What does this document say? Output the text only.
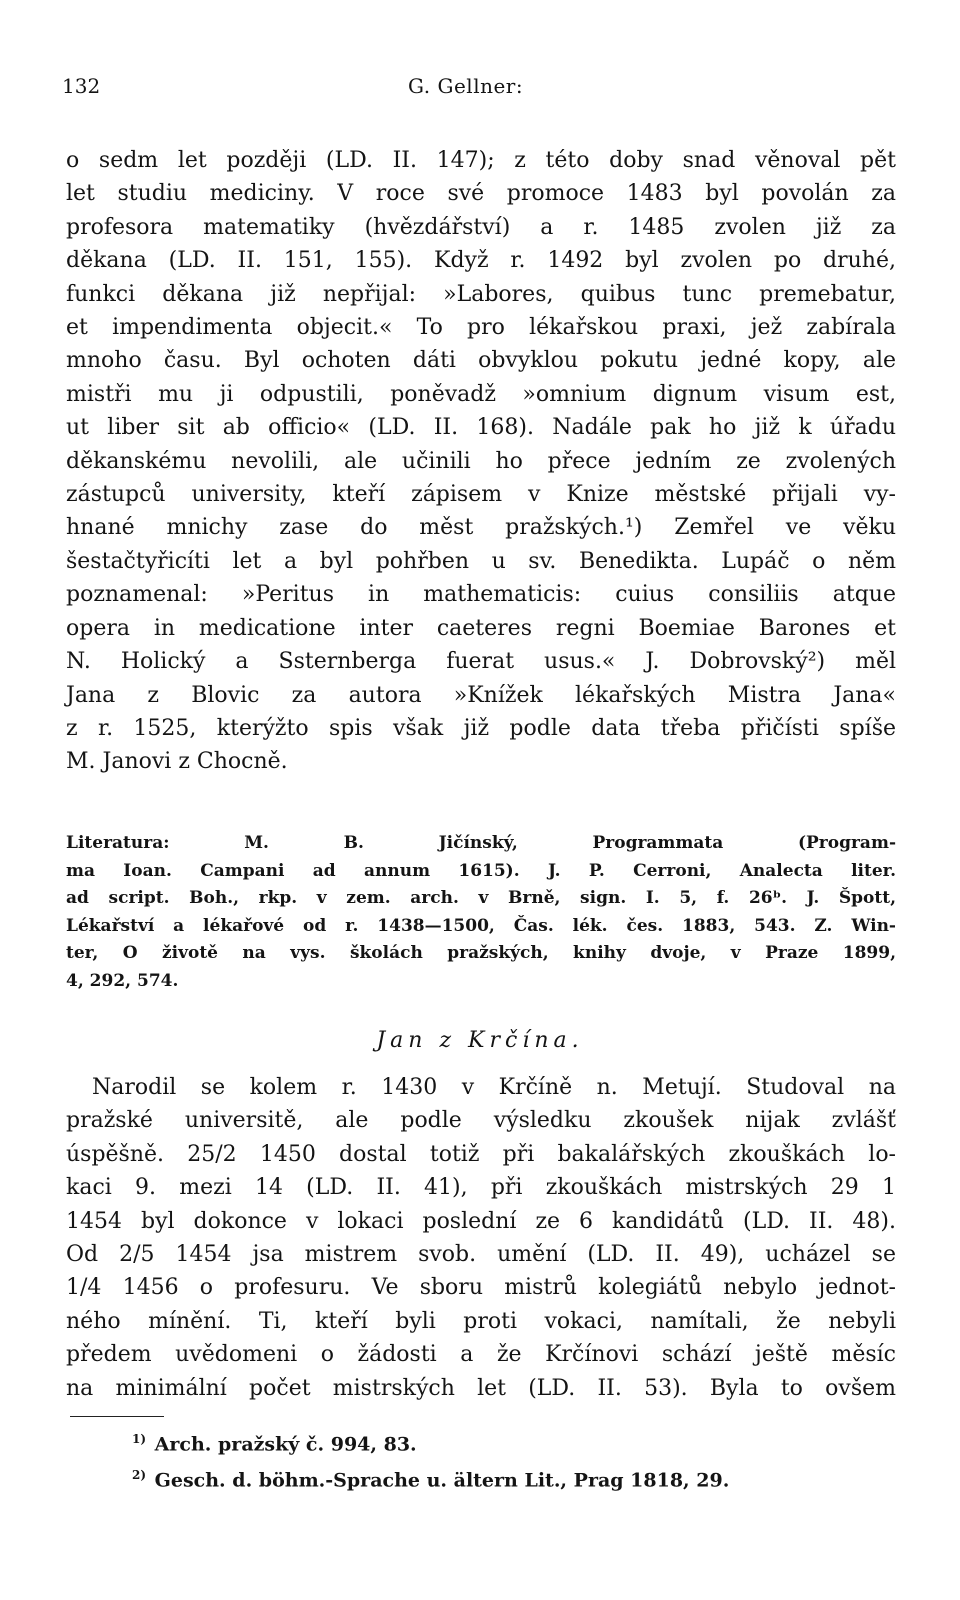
132	G. Gellner:
o sedm let později (LD. II. 147); z této doby snad věnoval pět
let studiu mediciny. V roce své promoce 1483 byl povolán za
profesora matematiky (hvězdářství) a r. 1485 zvolen již za
děkana (LD. II. 151, 155). Když r. 1492 byl zvolen po druhé,
funkci děkana již nepřijal: »Labores, quibus tunc premebatur,
et impendimenta objecit.« To pro lékařskou praxi, jež zabírala
mnoho času. Byl ochoten dáti obvyklou pokutu jedné kopy, ale
mistři mu ji odpustili, poněvadž »omnium dignum visum est,
ut liber sit ab officio« (LD. II. 168). Nadále pak ho již k úřadu
děkanskému nevolili, ale učinili ho přece jedním ze zvolených
zástupců university, kteří zápisem v Knize městské přijali vy-
hnané mnichy zase do měst pražských.¹) Zemřel ve věku
šestačtyřicíti let a byl pohřben u sv. Benedikta. Lupáč o něm
poznamenal: »Peritus in mathematicis: cuius consiliis atque
opera in medicatione inter caeteres regni Boemiae Barones et
N. Holický a Ssternberga fuerat usus.« J. Dobrovský²) měl
Jana z Blovic za autora »Knížek lékařských Mistra Jana«
z r. 1525, kterýžto spis však již podle data třeba přičísti spíše
M. Janovi z Chocně.
Literatura: M. B. Jičínský, Programmata (Program-
ma Ioan. Campani ad annum 1615). J. P. Cerroni, Analecta liter.
ad script. Boh., rkp. v zem. arch. v Brně, sign. I. 5, f. 26ᵇ. J. Špott,
Lékařství a lékařové od r. 1438—1500, Čas. lék. čes. 1883, 543. Z. Win-
ter, O životě na vys. školách pražských, knihy dvoje, v Praze 1899,
4, 292, 574.
Jan z Krčína.
Narodil se kolem r. 1430 v Krčíně n. Metují. Studoval na
pražské universitě, ale podle výsledku zkoušek nijak zvlášť
úspěšně. 25/2 1450 dostal totiž při bakalářských zkouškách lo-
kaci 9. mezi 14 (LD. II. 41), při zkouškách mistrských 29 1
1454 byl dokonce v lokaci poslední ze 6 kandidátů (LD. II. 48).
Od 2/5 1454 jsa mistrem svob. umění (LD. II. 49), ucházel se
1/4 1456 o profesuru. Ve sboru mistrů kolegiátů nebylo jednot-
ného mínění. Ti, kteří byli proti vokaci, namítali, že nebyli
předem uvědomeni o žádosti a že Krčínovi schází ještě měsíc
na minimální počet mistrských let (LD. II. 53). Byla to ovšem
$^{1)}$ Arch. pražský č. 994, 83.
$^{2)}$ Gesch. d. böhm.-Sprache u. ältern Lit., Prag 1818, 29.
